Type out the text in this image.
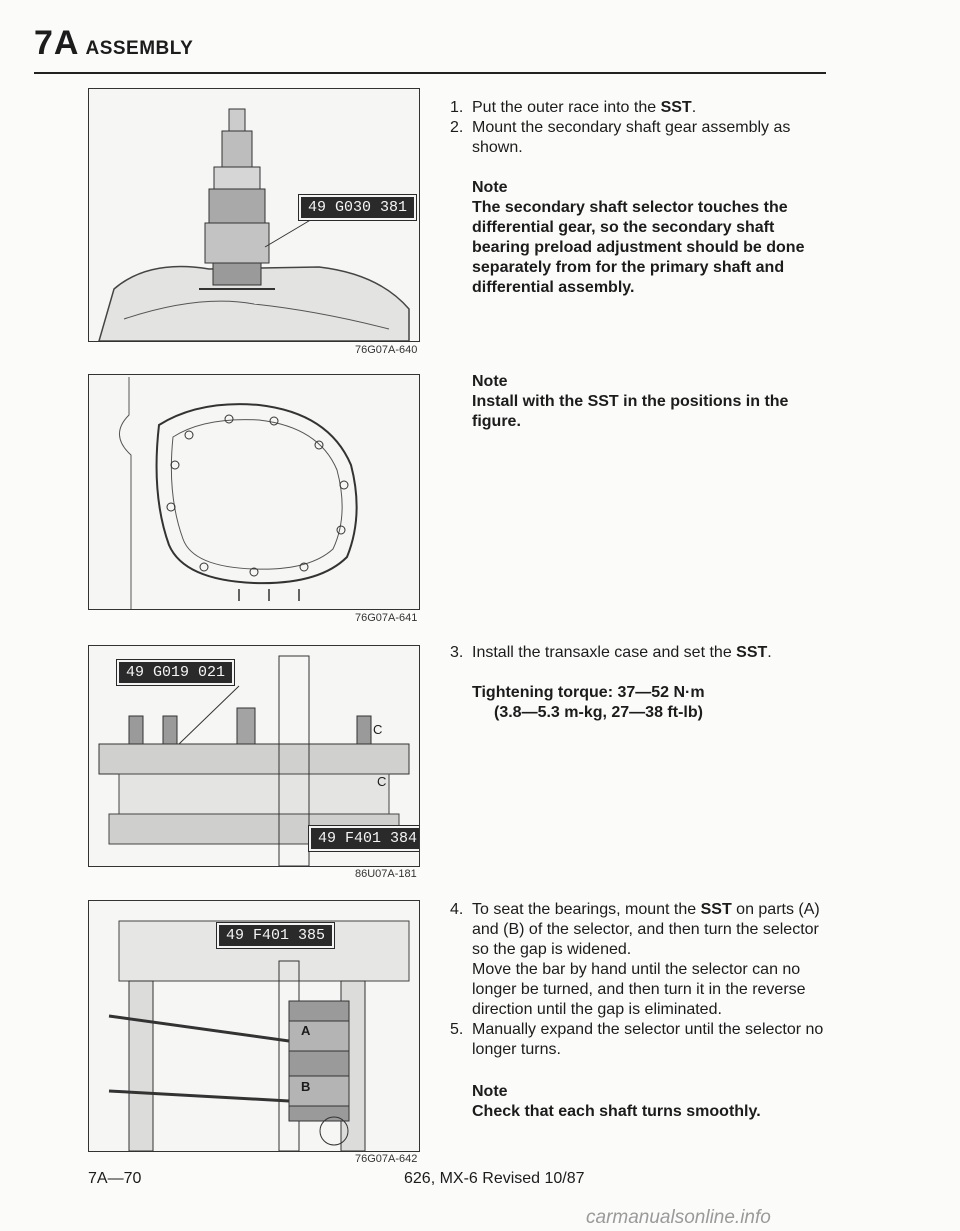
7A ASSEMBLY
49 G030 381
76G07A-640
76G07A-641
49 G019 021
49 F401 384
C
C
86U07A-181
49 F401 385
A
B
76G07A-642
1. Put the outer race into the SST.
2. Mount the secondary shaft gear assembly as shown.
Note
The secondary shaft selector touches the differential gear, so the secondary shaft bearing preload adjustment should be done separately from for the primary shaft and differential assembly.
Note
Install with the SST in the positions in the figure.
3. Install the transaxle case and set the SST.
Tightening torque: 37—52 N·m
(3.8—5.3 m-kg, 27—38 ft-lb)
4. To seat the bearings, mount the SST on parts (A) and (B) of the selector, and then turn the selector so the gap is widened.
Move the bar by hand until the selector can no longer be turned, and then turn it in the reverse direction until the gap is eliminated.
5. Manually expand the selector until the selector no longer turns.
Note
Check that each shaft turns smoothly.
7A—70	626, MX-6 Revised 10/87
carmanualsonline.info
